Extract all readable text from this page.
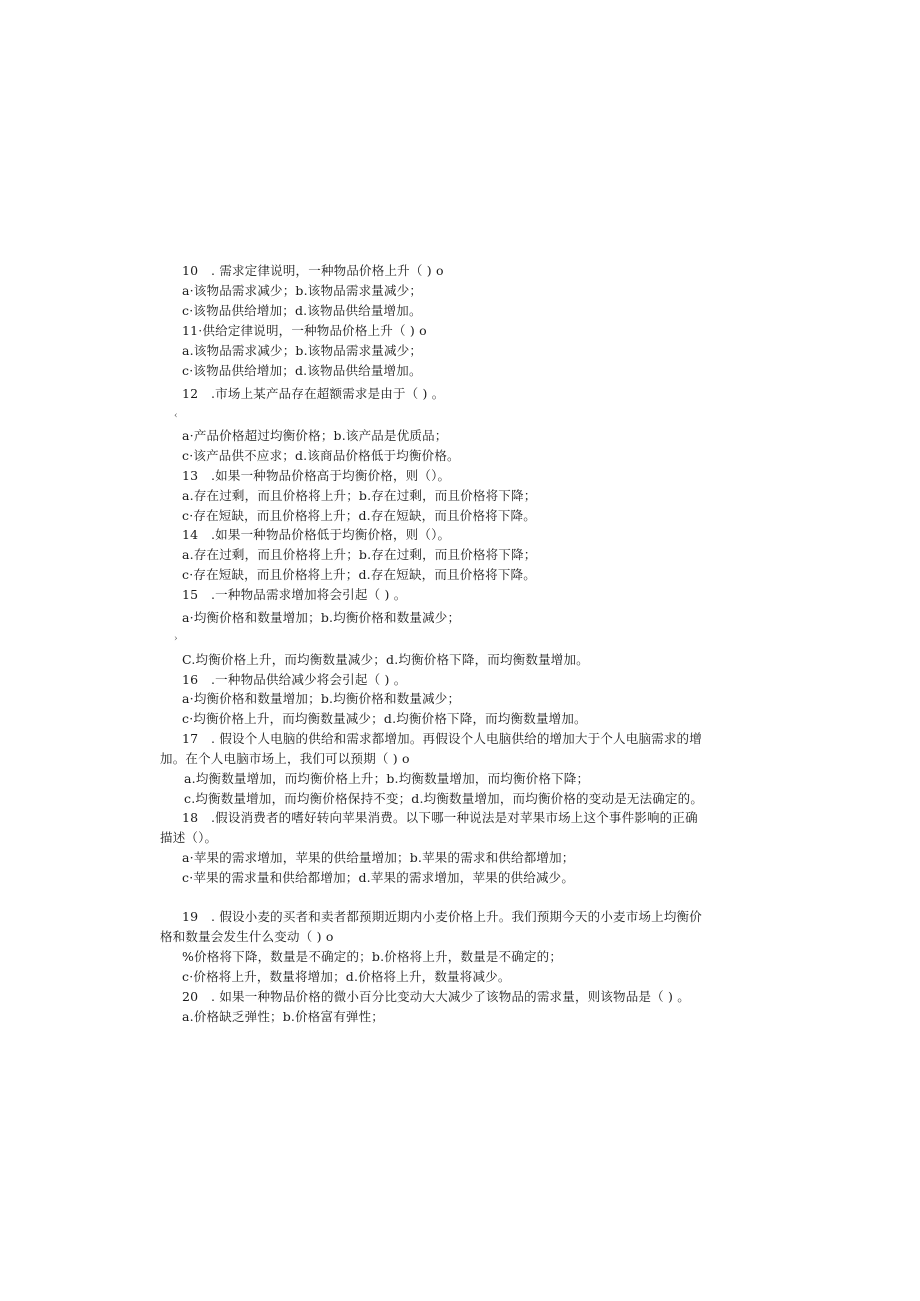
10　. 需求定律说明，一种物品价格上升（ ) o
a·该物品需求减少；b.该物品需求量减少；
c·该物品供给增加；d.该物品供给量增加。
11·供给定律说明，一种物品价格上升（ ) o
a.该物品需求减少；b.该物品需求量减少；
c·该物品供给增加；d.该物品供给量增加。
12　.市场上某产品存在超额需求是由于（ ) 。
‹
a·产品价格超过均衡价格；b.该产品是优质品；
c·该产品供不应求；d.该商品价格低于均衡价格。
13　.如果一种物品价格高于均衡价格，则（）。
a.存在过剩，而且价格将上升；b.存在过剩，而且价格将下降；
c·存在短缺，而且价格将上升；d.存在短缺，而且价格将下降。
14　.如果一种物品价格低于均衡价格，则（）。
a.存在过剩，而且价格将上升；b.存在过剩，而且价格将下降；
c·存在短缺，而且价格将上升；d.存在短缺，而且价格将下降。
15　.一种物品需求增加将会引起（ ) 。
a·均衡价格和数量增加；b.均衡价格和数量减少；
›
C.均衡价格上升，而均衡数量减少；d.均衡价格下降，而均衡数量增加。
16　.一种物品供给减少将会引起（ ) 。
a·均衡价格和数量增加；b.均衡价格和数量减少；
c·均衡价格上升，而均衡数量减少；d.均衡价格下降，而均衡数量增加。
17　. 假设个人电脑的供给和需求都增加。再假设个人电脑供给的增加大于个人电脑需求的增
加。在个人电脑市场上，我们可以预期（ ) o
a.均衡数量增加，而均衡价格上升；b.均衡数量增加，而均衡价格下降；
c.均衡数量增加，而均衡价格保持不变；d.均衡数量增加，而均衡价格的变动是无法确定的。
18　.假设消费者的嗜好转向苹果消费。以下哪一种说法是对苹果市场上这个事件影响的正确
描述（）。
a·苹果的需求增加，苹果的供给量增加；b.苹果的需求和供给都增加；
c·苹果的需求量和供给都增加；d.苹果的需求增加，苹果的供给减少。
19　. 假设小麦的买者和卖者都预期近期内小麦价格上升。我们预期今天的小麦市场上均衡价
格和数量会发生什么变动（ ) o
%价格将下降，数量是不确定的；b.价格将上升，数量是不确定的；
c·价格将上升，数量将增加；d.价格将上升，数量将减少。
20　. 如果一种物品价格的微小百分比变动大大减少了该物品的需求量，则该物品是（ ) 。
a.价格缺乏弹性；b.价格富有弹性；
